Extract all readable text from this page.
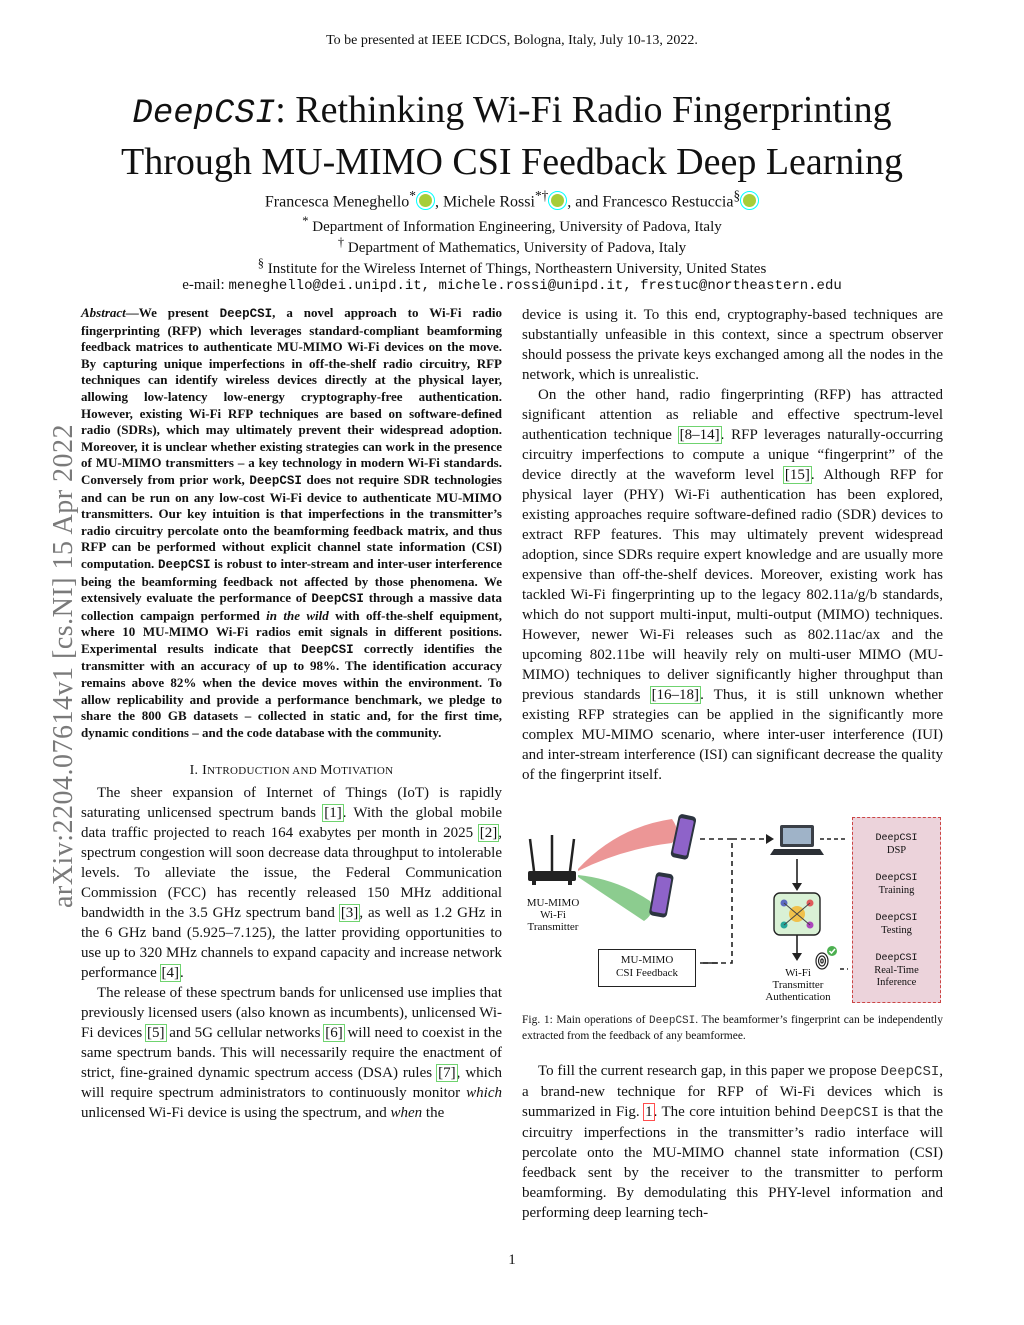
To be presented at IEEE ICDCS, Bologna, Italy, July 10-13, 2022.
DeepCSI: Rethinking Wi-Fi Radio Fingerprinting
Through MU-MIMO CSI Feedback Deep Learning
Francesca Meneghello* , Michele Rossi*† , and Francesco Restuccia§
* Department of Information Engineering, University of Padova, Italy
† Department of Mathematics, University of Padova, Italy
§ Institute for the Wireless Internet of Things, Northeastern University, United States
e-mail: meneghello@dei.unipd.it, michele.rossi@unipd.it, frestuc@northeastern.edu
arXiv:2204.07614v1 [cs.NI] 15 Apr 2022

Abstract—We present DeepCSI, a novel approach to Wi-Fi radio fingerprinting (RFP) which leverages standard-compliant beamforming feedback matrices to authenticate MU-MIMO Wi-Fi devices on the move. By capturing unique imperfections in off-the-shelf radio circuitry, RFP techniques can identify wireless devices directly at the physical layer, allowing low-latency low-energy cryptography-free authentication. However, existing Wi-Fi RFP techniques are based on software-defined radio (SDRs), which may ultimately prevent their widespread adoption. Moreover, it is unclear whether existing strategies can work in the presence of MU-MIMO transmitters – a key technology in modern Wi-Fi standards. Conversely from prior work, DeepCSI does not require SDR technologies and can be run on any low-cost Wi-Fi device to authenticate MU-MIMO transmitters. Our key intuition is that imperfections in the transmitter’s radio circuitry percolate onto the beamforming feedback matrix, and thus RFP can be performed without explicit channel state information (CSI) computation. DeepCSI is robust to inter-stream and inter-user interference being the beamforming feedback not affected by those phenomena. We extensively evaluate the performance of DeepCSI through a massive data collection campaign performed in the wild with off-the-shelf equipment, where 10 MU-MIMO Wi-Fi radios emit signals in different positions. Experimental results indicate that DeepCSI correctly identifies the transmitter with an accuracy of up to 98%. The identification accuracy remains above 82% when the device moves within the environment. To allow replicability and provide a performance benchmark, we pledge to share the 800 GB datasets – collected in static and, for the first time, dynamic conditions – and the code database with the community.

I. INTRODUCTION AND MOTIVATION

The sheer expansion of Internet of Things (IoT) is rapidly saturating unlicensed spectrum bands [1]. With the global mobile data traffic projected to reach 164 exabytes per month in 2025 [2], spectrum congestion will soon decrease data throughput to intolerable levels. To alleviate the issue, the Federal Communication Commission (FCC) has recently released 150 MHz additional bandwidth in the 3.5 GHz spectrum band [3], as well as 1.2 GHz in the 6 GHz band (5.925–7.125), the latter providing opportunities to use up to 320 MHz channels to expand capacity and increase network performance [4].

The release of these spectrum bands for unlicensed use implies that previously licensed users (also known as incumbents), unlicensed Wi-Fi devices [5] and 5G cellular networks [6] will need to coexist in the same spectrum bands. This will necessarily require the enactment of strict, fine-grained dynamic spectrum access (DSA) rules [7], which will require spectrum administrators to continuously monitor which unlicensed Wi-Fi device is using the spectrum, and when the

device is using it. To this end, cryptography-based techniques are substantially unfeasible in this context, since a spectrum observer should possess the private keys exchanged among all the nodes in the network, which is unrealistic.

On the other hand, radio fingerprinting (RFP) has attracted significant attention as reliable and effective spectrum-level authentication technique [8–14]. RFP leverages naturally-occurring circuitry imperfections to compute a unique “fingerprint” of the device directly at the waveform level [15]. Although RFP for physical layer (PHY) Wi-Fi authentication has been explored, existing approaches require software-defined radio (SDR) devices to extract RFP features. This may ultimately prevent widespread adoption, since SDRs require expert knowledge and are usually more expensive than off-the-shelf devices. Moreover, existing work has tackled Wi-Fi fingerprinting up to the legacy 802.11a/g/b standards, which do not support multi-input, multi-output (MIMO) techniques. However, newer Wi-Fi releases such as 802.11ac/ax and the upcoming 802.11be will heavily rely on multi-user MIMO (MU-MIMO) techniques to deliver significantly higher throughput than previous standards [16–18]. Thus, it is still unknown whether existing RFP strategies can be applied in the significantly more complex MU-MIMO scenario, where inter-user interference (IUI) and inter-stream interference (ISI) can significant decrease the quality of the fingerprint itself.

MU-MIMO
Wi-Fi
Transmitter
MU-MIMO
CSI Feedback	Wi-Fi
Transmitter
Authentication
DeepCSI
DSP
DeepCSI
Training
DeepCSI
Testing
DeepCSI
Real-Time
Inference

Fig. 1: Main operations of DeepCSI. The beamformer’s fingerprint can be independently extracted from the feedback of any beamformee.

To fill the current research gap, in this paper we propose DeepCSI, a brand-new technique for RFP of Wi-Fi devices which is summarized in Fig. 1. The core intuition behind DeepCSI is that the circuitry imperfections in the transmitter’s radio interface will percolate onto the MU-MIMO channel state information (CSI) feedback sent by the receiver to the transmitter to perform beamforming. By demodulating this PHY-level information and performing deep learning tech-

1
